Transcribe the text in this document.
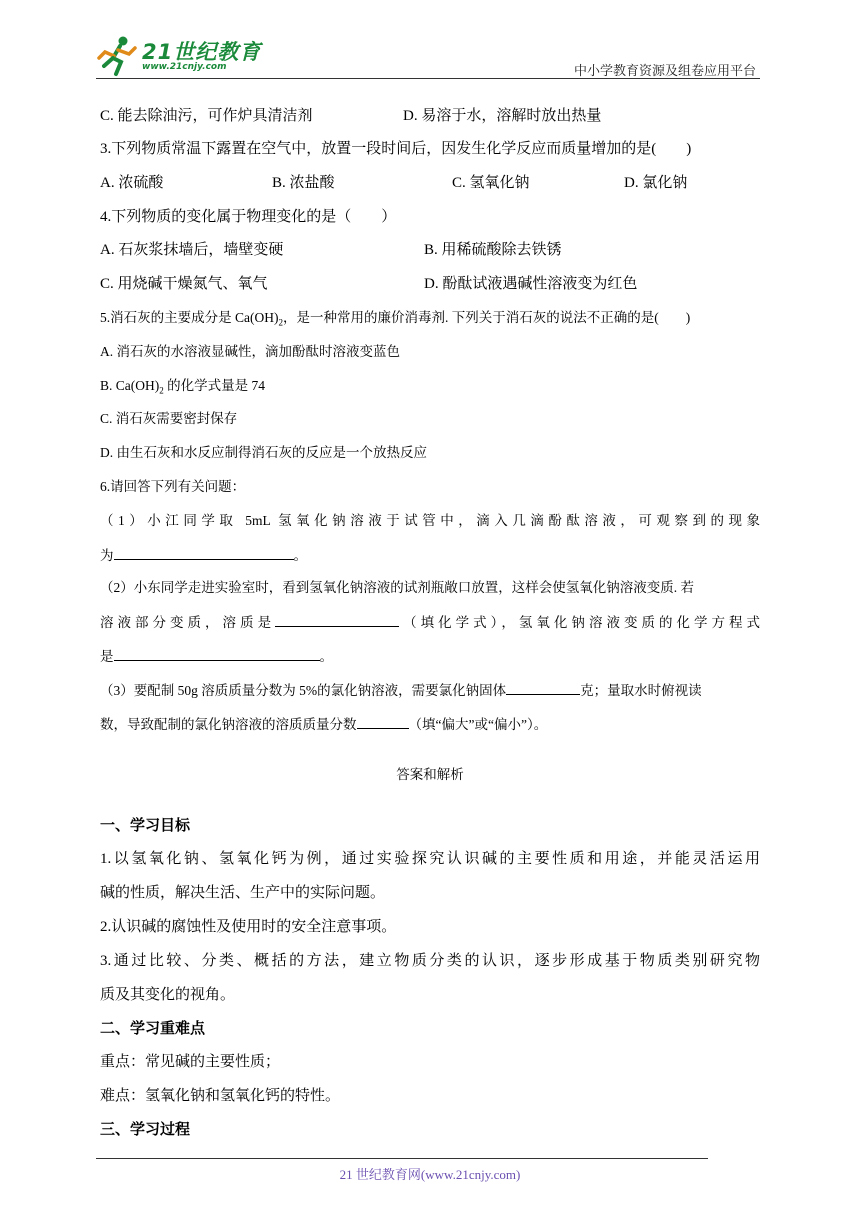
21世纪教育
www.21cnjy.com	中小学教育资源及组卷应用平台
C. 能去除油污，可作炉具清洁剂	D. 易溶于水，溶解时放出热量
3.下列物质常温下露置在空气中，放置一段时间后，因发生化学反应而质量增加的是(　　)
A. 浓硫酸	B. 浓盐酸	C. 氢氧化钠	D. 氯化钠
4.下列物质的变化属于物理变化的是（　　）
A. 石灰浆抹墙后，墙壁变硬	B. 用稀硫酸除去铁锈
C. 用烧碱干燥氮气、氧气	D. 酚酞试液遇碱性溶液变为红色
5.消石灰的主要成分是 $Ca(OH)_2$，是一种常用的廉价消毒剂. 下列关于消石灰的说法不正确的是(　　)
A. 消石灰的水溶液显碱性，滴加酚酞时溶液变蓝色
B. $Ca(OH)_2$ 的化学式量是 74
C. 消石灰需要密封保存
D. 由生石灰和水反应制得消石灰的反应是一个放热反应
6.请回答下列有关问题：
（1）小江同学取 5mL 氢氧化钠溶液于试管中，滴入几滴酚酞溶液，可观察到的现象
为	。
（2）小东同学走进实验室时，看到氢氧化钠溶液的试剂瓶敞口放置，这样会使氢氧化钠溶液变质. 若
溶液部分变质，溶质是	（填化学式），氢氧化钠溶液变质的化学方程式
是	。
（3）要配制 50g 溶质质量分数为 5%的氯化钠溶液，需要氯化钠固体	克；量取水时俯视读
数，导致配制的氯化钠溶液的溶质质量分数	（填“偏大”或“偏小”）。
答案和解析
一、学习目标
1.以氢氧化钠、氢氧化钙为例，通过实验探究认识碱的主要性质和用途，并能灵活运用
碱的性质，解决生活、生产中的实际问题。
2.认识碱的腐蚀性及使用时的安全注意事项。
3.通过比较、分类、概括的方法，建立物质分类的认识，逐步形成基于物质类别研究物
质及其变化的视角。
二、学习重难点
重点：常见碱的主要性质；
难点：氢氧化钠和氢氧化钙的特性。
三、学习过程
21 世纪教育网(www.21cnjy.com)
